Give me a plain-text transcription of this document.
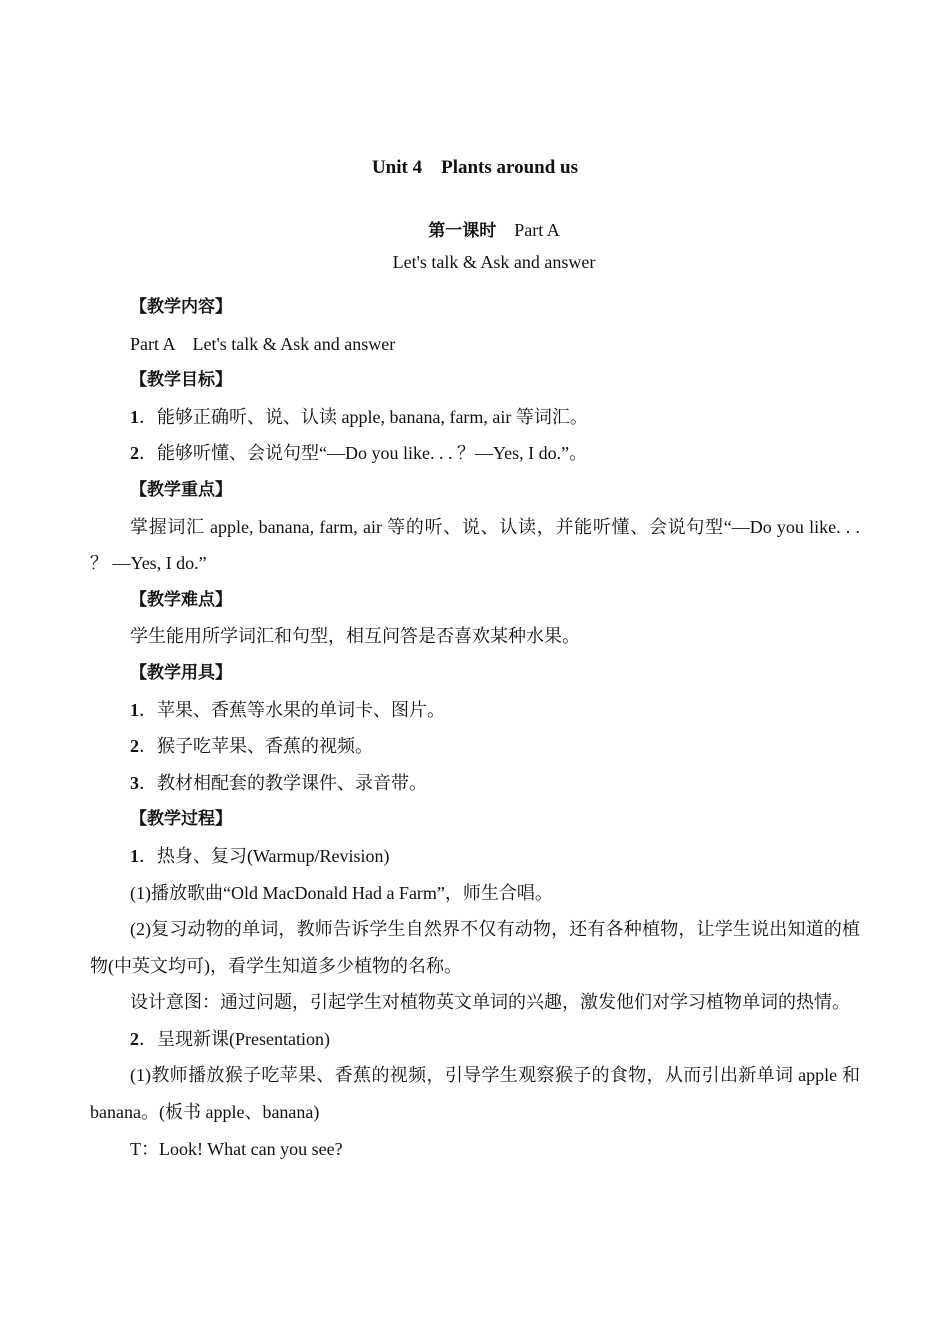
Unit 4　Plants around us
第一课时　 Part A
Let's talk & Ask and answer
【教学内容】
Part A　Let's talk & Ask and answer
【教学目标】
1．能够正确听、说、认读 apple, banana, farm, air 等词汇。
2．能够听懂、会说句型“—Do you like. . . ？—Yes, I do.”。
【教学重点】
掌握词汇 apple, banana, farm, air 等的听、说、认读，并能听懂、会说句型“—Do you like. . . ？ —Yes, I do.”
【教学难点】
学生能用所学词汇和句型，相互问答是否喜欢某种水果。
【教学用具】
1．苹果、香蕉等水果的单词卡、图片。
2．猴子吃苹果、香蕉的视频。
3．教材相配套的教学课件、录音带。
【教学过程】
1．热身、复习(Warmup/Revision)
(1)播放歌曲“Old MacDonald Had a Farm”，师生合唱。
(2)复习动物的单词，教师告诉学生自然界不仅有动物，还有各种植物，让学生说出知道的植物(中英文均可)，看学生知道多少植物的名称。
设计意图：通过问题，引起学生对植物英文单词的兴趣，激发他们对学习植物单词的热情。
2．呈现新课(Presentation)
(1)教师播放猴子吃苹果、香蕉的视频，引导学生观察猴子的食物，从而引出新单词 apple 和 banana。(板书 apple、banana)
T：Look! What can you see?
